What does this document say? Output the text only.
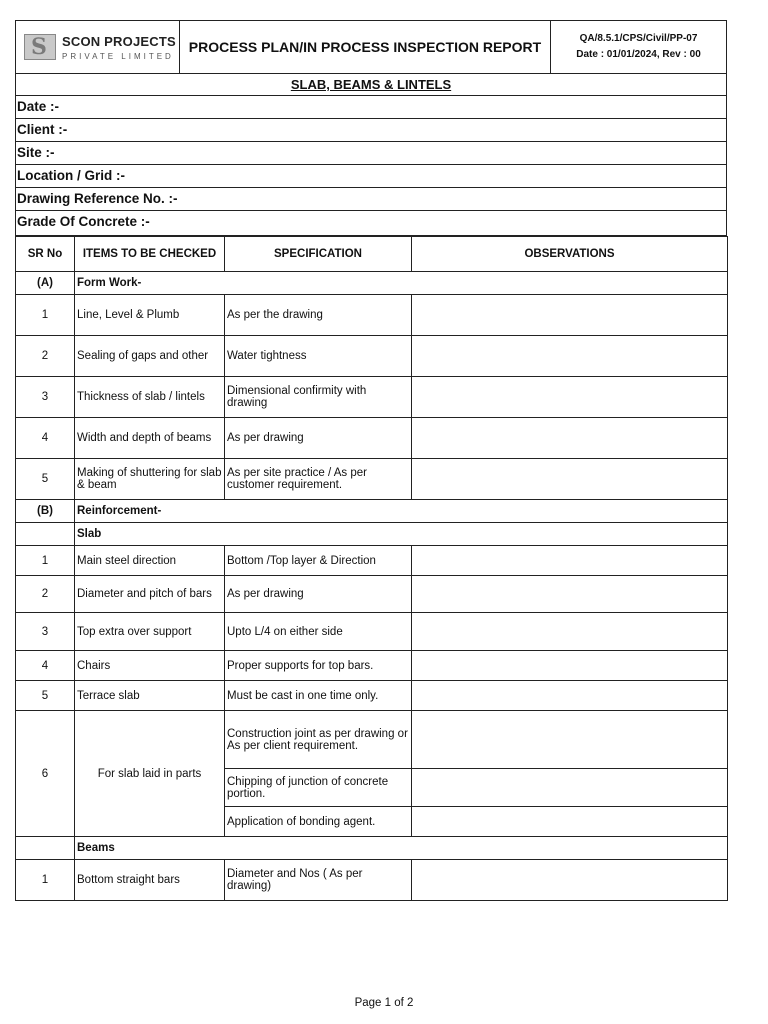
S SCON PROJECTS
PRIVATE LIMITED
PROCESS PLAN/IN PROCESS INSPECTION REPORT
QA/8.5.1/CPS/Civil/PP-07
Date : 01/01/2024, Rev : 00
SLAB, BEAMS & LINTELS
Date :-
Client :-
Site :-
Location / Grid :-
Drawing Reference No. :-
Grade Of Concrete :-
SR No	ITEMS TO BE CHECKED	SPECIFICATION	OBSERVATIONS
(A)	Form Work-		
1	Line, Level & Plumb	As per the drawing	
2	Sealing of gaps and other	Water tightness	
3	Thickness of slab / lintels	Dimensional confirmity with drawing	
4	Width and depth of beams	As per drawing	
5	Making of shuttering for slab & beam	As per site practice / As per customer requirement.	
(B)	Reinforcement-		
	Slab		
1	Main steel direction	Bottom /Top layer & Direction	
2	Diameter and pitch of bars	As per drawing	
3	Top extra over support	Upto L/4 on either side	
4	Chairs	Proper supports for top bars.	
5	Terrace slab	Must be cast in one time only.	
6	For slab laid in parts	Construction joint as per drawing or As per client requirement.	
		Chipping of junction of concrete portion.	
		Application of bonding agent.	
	Beams		
1	Bottom straight bars	Diameter and Nos ( As per drawing)	
Page 1 of 2
